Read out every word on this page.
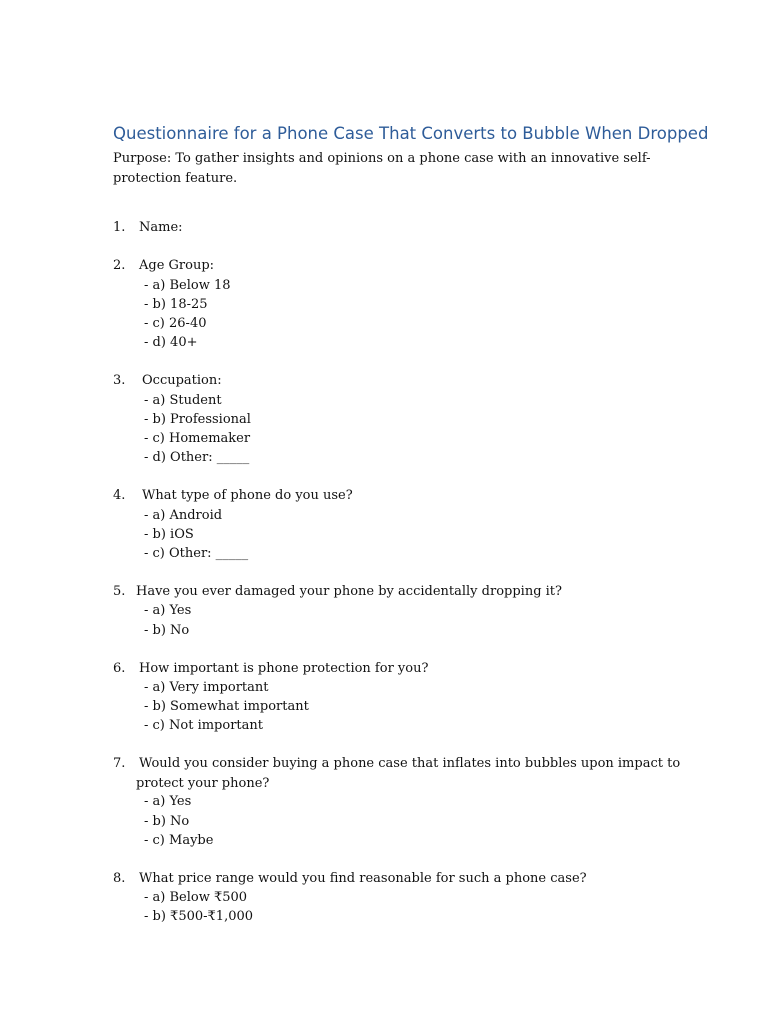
Questionnaire for a Phone Case That Converts to Bubble When Dropped

Purpose: To gather insights and opinions on a phone case with an innovative self-protection feature.

1. Name:
2. Age Group:
- a) Below 18
- b) 18-25
- c) 26-40
- d) 40+
3. Occupation:
- a) Student
- b) Professional
- c) Homemaker
- d) Other: _____
4. What type of phone do you use?
- a) Android
- b) iOS
- c) Other: _____
5. Have you ever damaged your phone by accidentally dropping it?
- a) Yes
- b) No
6. How important is phone protection for you?
- a) Very important
- b) Somewhat important
- c) Not important
7. Would you consider buying a phone case that inflates into bubbles upon impact to
protect your phone?
- a) Yes
- b) No
- c) Maybe
8. What price range would you find reasonable for such a phone case?
- a) Below ₹500
- b) ₹500-₹1,000
